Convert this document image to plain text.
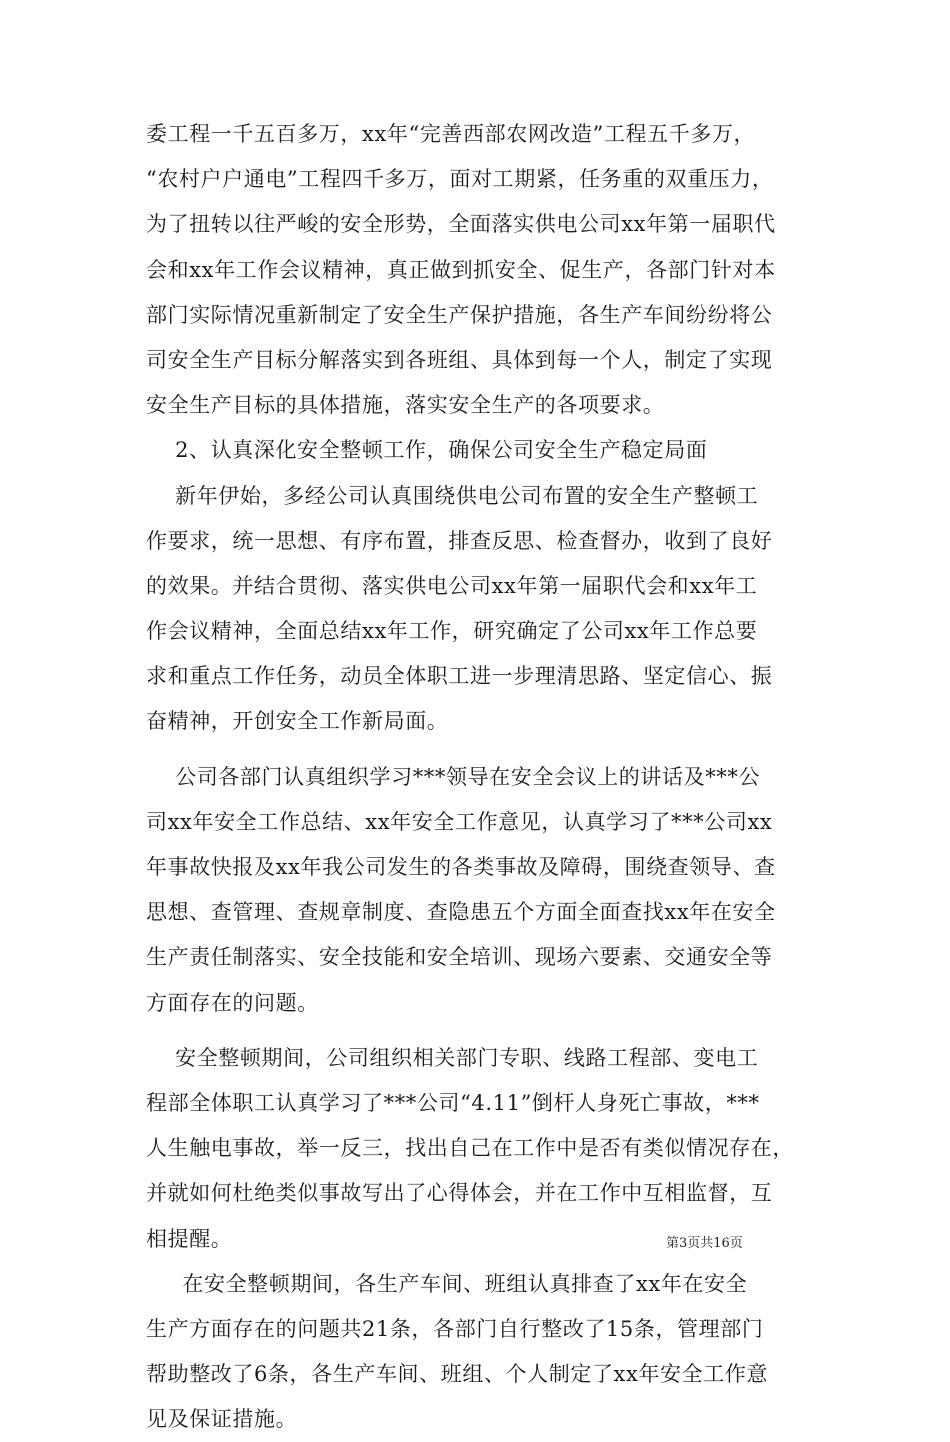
委工程一千五百多万，xx年“完善西部农网改造”工程五千多万，
“农村户户通电”工程四千多万，面对工期紧，任务重的双重压力，
为了扭转以往严峻的安全形势，全面落实供电公司xx年第一届职代
会和xx年工作会议精神，真正做到抓安全、促生产，各部门针对本
部门实际情况重新制定了安全生产保护措施，各生产车间纷纷将公
司安全生产目标分解落实到各班组、具体到每一个人，制定了实现
安全生产目标的具体措施，落实安全生产的各项要求。
2、认真深化安全整顿工作，确保公司安全生产稳定局面
新年伊始，多经公司认真围绕供电公司布置的安全生产整顿工
作要求，统一思想、有序布置，排查反思、检查督办，收到了良好
的效果。并结合贯彻、落实供电公司xx年第一届职代会和xx年工
作会议精神，全面总结xx年工作，研究确定了公司xx年工作总要
求和重点工作任务，动员全体职工进一步理清思路、坚定信心、振
奋精神，开创安全工作新局面。
公司各部门认真组织学习***领导在安全会议上的讲话及***公
司xx年安全工作总结、xx年安全工作意见，认真学习了***公司xx
年事故快报及xx年我公司发生的各类事故及障碍，围绕查领导、查
思想、查管理、查规章制度、查隐患五个方面全面查找xx年在安全
生产责任制落实、安全技能和安全培训、现场六要素、交通安全等
方面存在的问题。
安全整顿期间，公司组织相关部门专职、线路工程部、变电工
程部全体职工认真学习了***公司“4.11”倒杆人身死亡事故，***
人生触电事故，举一反三，找出自己在工作中是否有类似情况存在，
并就如何杜绝类似事故写出了心得体会，并在工作中互相监督，互
相提醒。
在安全整顿期间，各生产车间、班组认真排查了xx年在安全
生产方面存在的问题共21条，各部门自行整改了15条，管理部门
帮助整改了6条，各生产车间、班组、个人制定了xx年安全工作意
见及保证措施。
第3页共16页
